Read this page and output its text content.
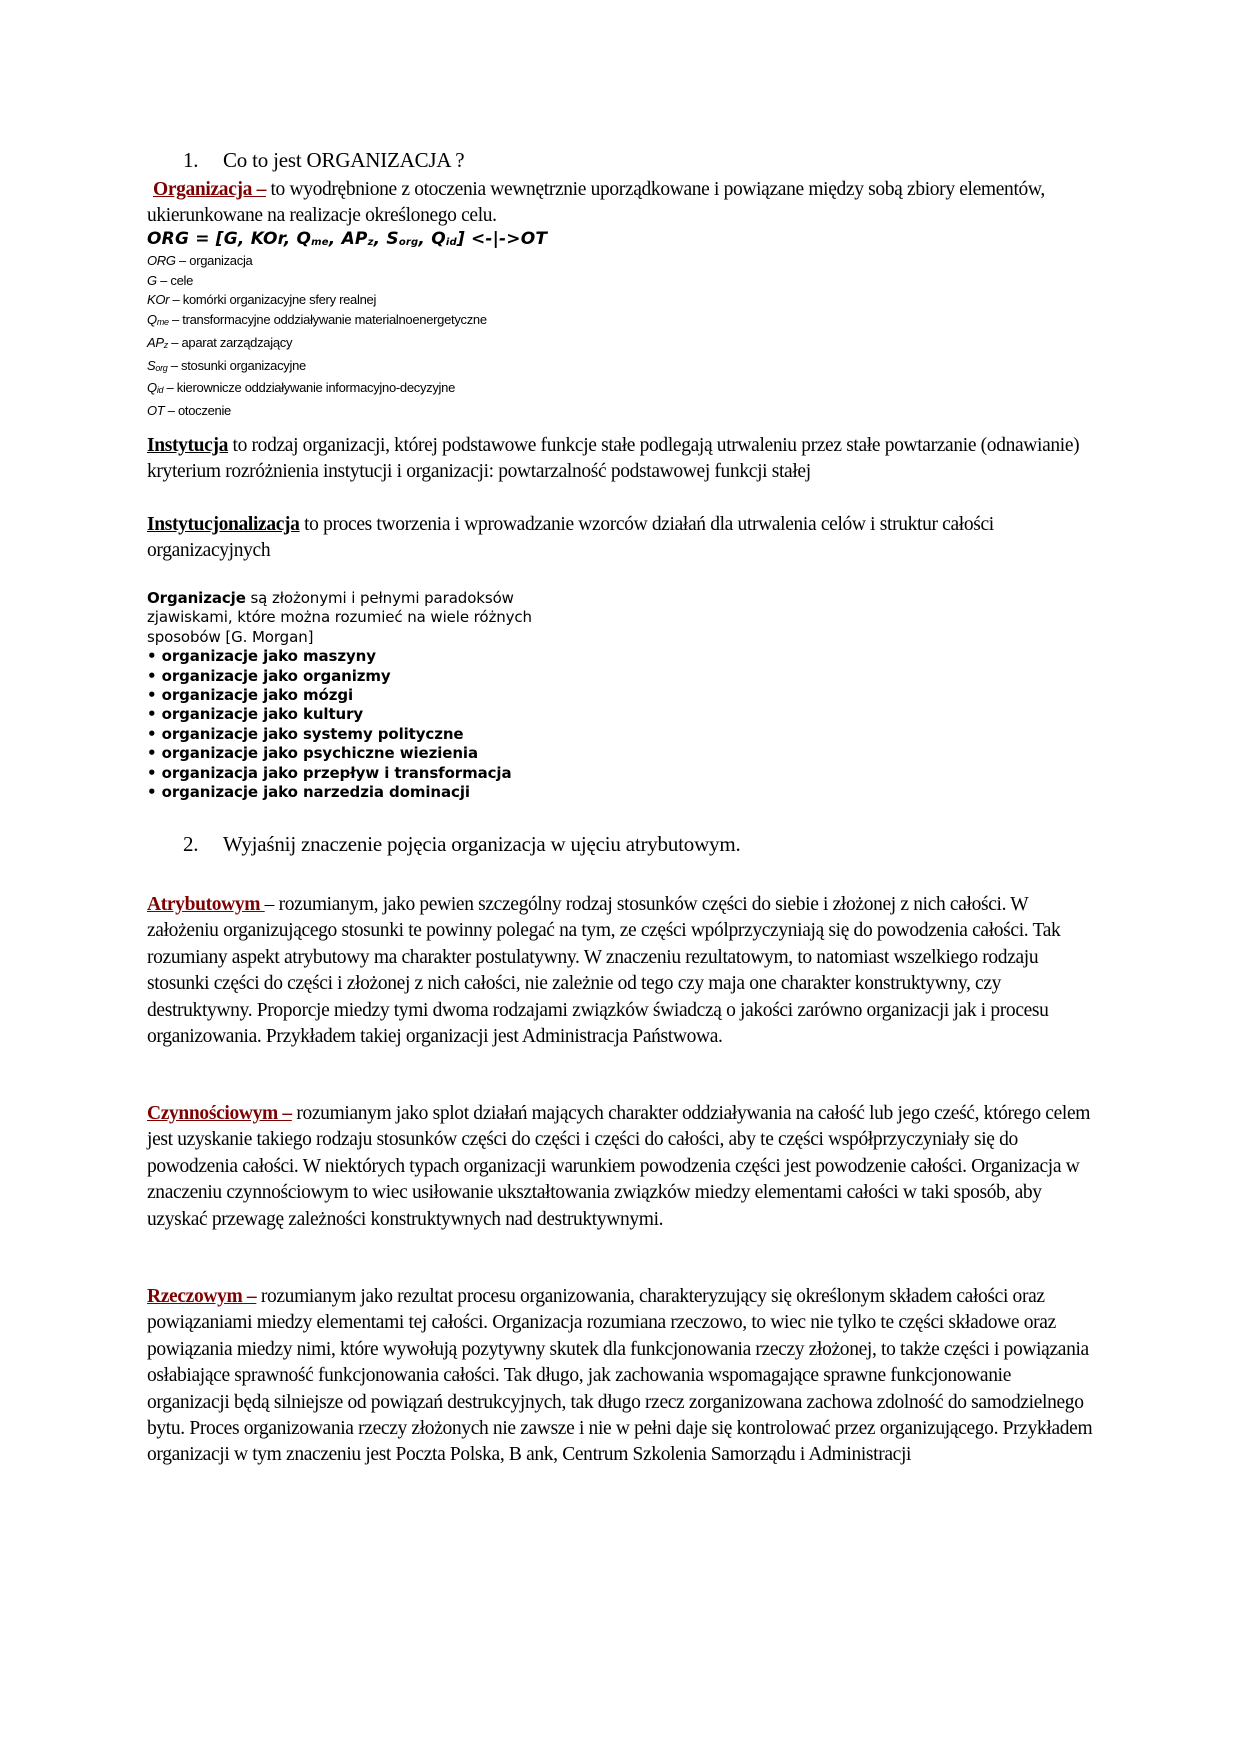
1. Co to jest ORGANIZACJA ?

Organizacja – to wyodrębnione z otoczenia wewnętrznie uporządkowane i powiązane między sobą zbiory elementów, ukierunkowane na realizacje określonego celu.

ORG = [G, KOr, $Q_{me}$, $AP_z$, $S_{org}$, $Q_{id}] <-|->OT$
ORG – organizacja
G – cele
KOr – komórki organizacyjne sfery realnej
$Q_{me}$ – transformacyjne oddziaływanie materialnoenergetyczne
$AP_z$ – aparat zarządzający
$S_{org}$ – stosunki organizacyjne
$Q_{id}$ – kierownicze oddziaływanie informacyjno-decyzyjne
OT – otoczenie

Instytucja to rodzaj organizacji, której podstawowe funkcje stałe podlegają utrwaleniu przez stałe powtarzanie (odnawianie) kryterium rozróżnienia instytucji i organizacji: powtarzalność podstawowej funkcji stałej

Instytucjonalizacja to proces tworzenia i wprowadzanie wzorców działań dla utrwalenia celów i struktur całości organizacyjnych

Organizacje są złożonymi i pełnymi paradoksów
zjawiskami, które można rozumieć na wiele różnych
sposobów [G. Morgan]
• organizacje jako maszyny
• organizacje jako organizmy
• organizacje jako mózgi
• organizacje jako kultury
• organizacje jako systemy polityczne
• organizacje jako psychiczne wiezienia
• organizacja jako przepływ i transformacja
• organizacje jako narzedzia dominacji
2. Wyjaśnij znaczenie pojęcia organizacja w ujęciu atrybutowym.

Atrybutowym – rozumianym, jako pewien szczególny rodzaj stosunków części do siebie i złożonej z nich całości. W założeniu organizującego stosunki te powinny polegać na tym, ze części wpólprzyczyniają się do powodzenia całości. Tak rozumiany aspekt atrybutowy ma charakter postulatywny. W znaczeniu rezultatowym, to natomiast wszelkiego rodzaju stosunki części do części i złożonej z nich całości, nie zależnie od tego czy maja one charakter konstruktywny, czy destruktywny. Proporcje miedzy tymi dwoma rodzajami związków świadczą o jakości zarówno organizacji jak i procesu organizowania. Przykładem takiej organizacji jest Administracja Państwowa.

Czynnościowym – rozumianym jako splot działań mających charakter oddziaływania na całość lub jego cześć, którego celem jest uzyskanie takiego rodzaju stosunków części do części i części do całości, aby te części współprzyczyniały się do powodzenia całości. W niektórych typach organizacji warunkiem powodzenia części jest powodzenie całości. Organizacja w znaczeniu czynnościowym to wiec usiłowanie ukształtowania związków miedzy elementami całości w taki sposób, aby uzyskać przewagę zależności konstruktywnych nad destruktywnymi.

Rzeczowym – rozumianym jako rezultat procesu organizowania, charakteryzujący się określonym składem całości oraz powiązaniami miedzy elementami tej całości. Organizacja rozumiana rzeczowo, to wiec nie tylko te części składowe oraz powiązania miedzy nimi, które wywołują pozytywny skutek dla funkcjonowania rzeczy złożonej, to także części i powiązania osłabiające sprawność funkcjonowania całości. Tak długo, jak zachowania wspomagające sprawne funkcjonowanie organizacji będą silniejsze od powiązań destrukcyjnych, tak długo rzecz zorganizowana zachowa zdolność do samodzielnego bytu. Proces organizowania rzeczy złożonych nie zawsze i nie w pełni daje się kontrolować przez organizującego. Przykładem organizacji w tym znaczeniu jest Poczta Polska, B ank, Centrum Szkolenia Samorządu i Administracji
